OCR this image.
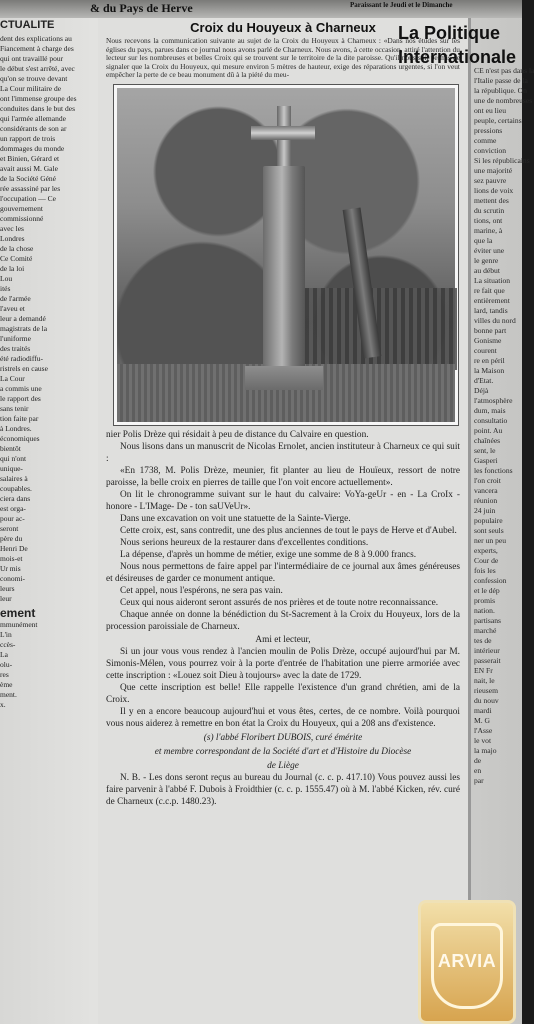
& du Pays de Herve	Paraissant le Jeudi et le Dimanche
CTUALITE
dent des explications au
Fiancement à charge des
qui ont travaillé pour
le début s'est arrêté, avec
qu'on se trouve devant
La Cour militaire de
ont l'immense groupe des
conduites dans le but des
qui l'armée allemande
considérants de son ar
un rapport de trois
dommages du monde
et Binien, Gérard et
avait aussi M. Gale
de la Société Géné
rée assassiné par les
l'occupation — Ce
gouvernement
commissionné
avec les
Londres
de la chose
Ce Comité
de la loi
Lou
ités
de l'armée
l'aveu et
leur a demandé
magistrats de la
l'uniforme
des traités
été radiodiffu-
ristrels en cause
La Cour
a commis une
le rapport des
sans tenir
tion faite par
à Londres.
économiques
bientôt
qui n'ont
unique-
salaires à
coupables.
ciera dans
est orga-
pour ac-
seront
père du
Henri De
mois-et
Ur mis
conomi-
leurs
leur
ement
mmunément
L'in
ccès-
La
olu-
res
ème
ment.
x.
Croix du Houyeux à Charneux
Nous recevons la communication suivante au sujet de la Croix du Houyeux à Charneux : «Dans nos études sur les églises du pays, parues dans ce journal nous avons parlé de Charneux. Nous avons, à cette occasion, attiré l'attention du lecteur sur les nombreuses et belles Croix qui se trouvent sur le territoire de la dite paroisse. Qu'il nous soit permis de signaler que la Croix du Houyeux, qui mesure environ 5 mètres de hauteur, exige des réparations urgentes, si l'on veut empêcher la perte de ce beau monument dû à la piété du meu-

nier Polis Drèze qui résidait à peu de distance du Calvaire en question.

Nous lisons dans un manuscrit de Nicolas Ernolet, ancien instituteur à Charneux ce qui suit :

«En 1738, M. Polis Drèze, meunier, fit planter au lieu de Houïeux, ressort de notre paroisse, la belle croix en pierres de taille que l'on voit encore actuellement».

On lit le chronogramme suivant sur le haut du calvaire: VoYa-geUr - en - La CroIx - honore - L'IMage- De - ton saUVeUr».

Dans une excavation on voit une statuette de la Sainte-Vierge.

Cette croix, est, sans contredit, une des plus anciennes de tout le pays de Herve et d'Aubel.

Nous serions heureux de la restaurer dans d'excellentes conditions.

La dépense, d'après un homme de métier, exige une somme de 8 à 9.000 francs.

Nous nous permettons de faire appel par l'intermédiaire de ce journal aux âmes généreuses et désireuses de garder ce monument antique.

Cet appel, nous l'espérons, ne sera pas vain.

Ceux qui nous aideront seront assurés de nos prières et de toute notre reconnaissance.

Chaque année on donne la bénédiction du St-Sacrement à la Croix du Houyeux, lors de la procession paroissiale de Charneux.

Ami et lecteur,

Si un jour vous vous rendez à l'ancien moulin de Polis Drèze, occupé aujourd'hui par M. Simonis-Mélen, vous pourrez voir à la porte d'entrée de l'habitation une pierre armoriée avec cette inscription : «Louez soit Dieu à toujours» avec la date de 1729.

Que cette inscription est belle! Elle rappelle l'existence d'un grand chrétien, ami de la Croix.

Il y en a encore beaucoup aujourd'hui et vous êtes, certes, de ce nombre. Voilà pourquoi vous nous aiderez à remettre en bon état la Croix du Houyeux, qui a 208 ans d'existence.

(s) l'abbé Floribert DUBOIS, curé émérite

et membre correspondant de la Société d'art et d'Histoire du Diocèse

de Liège

N. B. - Les dons seront reçus au bureau du Journal (c. c. p. 417.10) Vous pouvez aussi les faire parvenir à l'abbé F. Dubois à Froidthier (c. c. p. 1555.47) où à M. l'abbé Kicken, rév. curé de Charneux (c.c.p. 1480.23).

La Politique
Internationale
CE n'est pas dans la
l'Italie passe de la
la république. On
une de nombreuses
ont eu lieu
peuple, certains
pressions
comme
conviction
Si les républicains
une majorité
sez pauvre
lions de voix
mettent des
du scrutin
tions, ont
marine, à
que la
éviter une
le genre
au début
La situation
re fait que
entièrement
lard, tandis
villes du nord
bonne part
Gonisme
courent
re en péril
la Maison
d'Etat.
Déjà
l'atmosphère
dum, mais
consultatio
point. Au
chaînées
sent, le
Gasperi
les fonctions
l'on croit
vancera
réunion
24 juin
populaire
sont seuls
ner un peu
experts,
Cour de
fois les
confession
et le dép
promis
nation.
partisans
marché
tes de
intérieur
passerait
EN Fr
nait, le
rieusem
du nouv
mardi
M. G
l'Asse
le vot
la majo
de
en
par
ARVIA
